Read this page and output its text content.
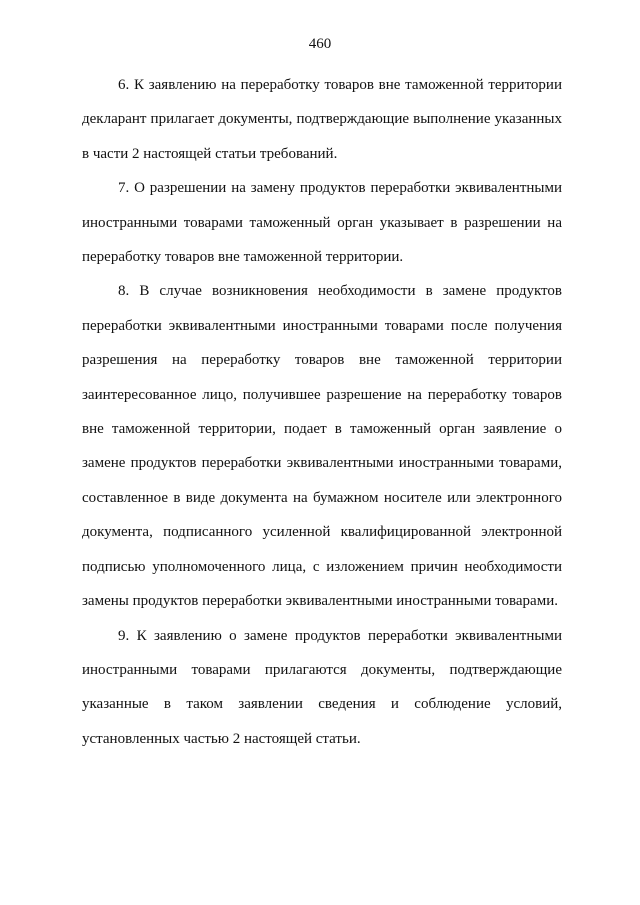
460

6. К заявлению на переработку товаров вне таможенной территории декларант прилагает документы, подтверждающие выполнение указанных в части 2 настоящей статьи требований.

7. О разрешении на замену продуктов переработки эквивалентными иностранными товарами таможенный орган указывает в разрешении на переработку товаров вне таможенной территории.

8. В случае возникновения необходимости в замене продуктов переработки эквивалентными иностранными товарами после получения разрешения на переработку товаров вне таможенной территории заинтересованное лицо, получившее разрешение на переработку товаров вне таможенной территории, подает в таможенный орган заявление о замене продуктов переработки эквивалентными иностранными товарами, составленное в виде документа на бумажном носителе или электронного документа, подписанного усиленной квалифицированной электронной подписью уполномоченного лица, с изложением причин необходимости замены продуктов переработки эквивалентными иностранными товарами.

9. К заявлению о замене продуктов переработки эквивалентными иностранными товарами прилагаются документы, подтверждающие указанные в таком заявлении сведения и соблюдение условий, установленных частью 2 настоящей статьи.
